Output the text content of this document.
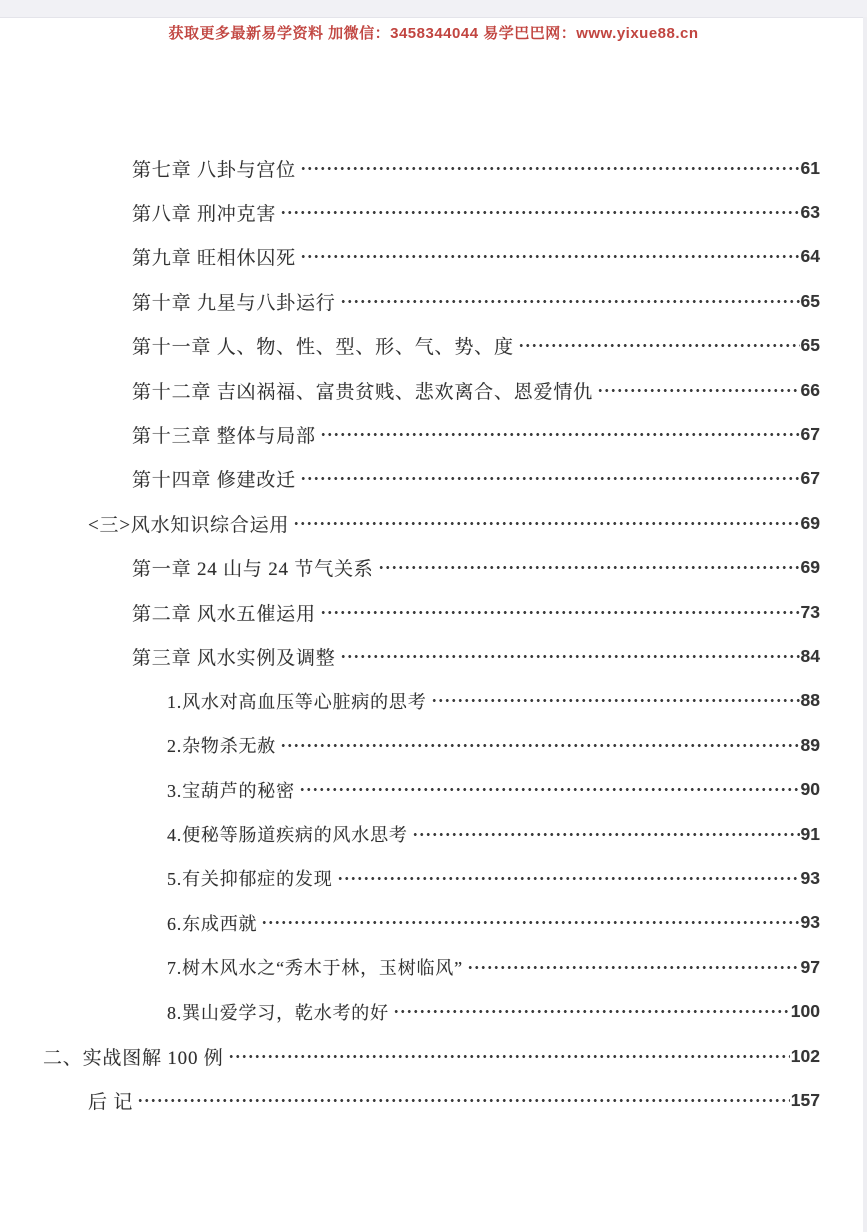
获取更多最新易学资料 加微信：3458344044 易学巴巴网：www.yixue88.cn
第七章 八卦与宫位	61
第八章 刑冲克害	63
第九章 旺相休囚死	64
第十章 九星与八卦运行	65
第十一章 人、物、性、型、形、气、势、度	65
第十二章 吉凶祸福、富贵贫贱、悲欢离合、恩爱情仇	66
第十三章 整体与局部	67
第十四章 修建改迁	67
<三>风水知识综合运用	69
第一章 24 山与 24 节气关系	69
第二章 风水五催运用	73
第三章 风水实例及调整	84
1.风水对高血压等心脏病的思考	88
2.杂物杀无赦	89
3.宝葫芦的秘密	90
4.便秘等肠道疾病的风水思考	91
5.有关抑郁症的发现	93
6.东成西就	93
7.树木风水之“秀木于林，玉树临风”	97
8.巽山爱学习，乾水考的好	100
二、实战图解 100 例	102
后 记	157
